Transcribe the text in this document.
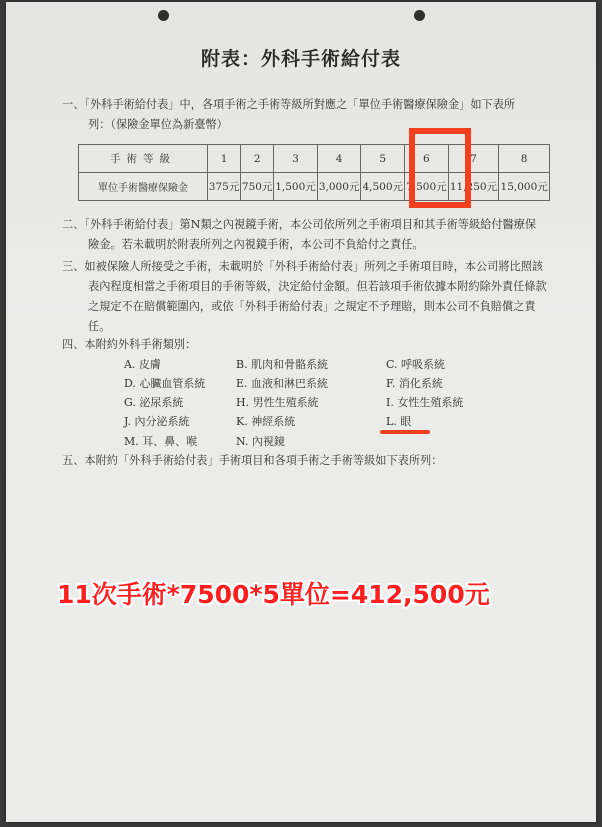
附表：外科手術給付表
一、「外科手術給付表」中，各項手術之手術等級所對應之「單位手術醫療保險金」如下表所
列：（保險金單位為新臺幣）
手術等級	1	2	3	4	5	6	7	8
單位手術醫療保險金	375元	750元	1,500元	3,000元	4,500元	7,500元	11,250元	15,000元
二、「外科手術給付表」第N類之內視鏡手術，本公司依所列之手術項目和其手術等級給付醫療保
險金。若未載明於附表所列之內視鏡手術，本公司不負給付之責任。
三、如被保險人所接受之手術，未載明於「外科手術給付表」所列之手術項目時，本公司將比照該
表內程度相當之手術項目的手術等級，決定給付金額。但若該項手術依據本附約除外責任條款
之規定不在賠償範圍內，或依「外科手術給付表」之規定不予理賠，則本公司不負賠償之責
任。
四、本附約外科手術類別：
A. 皮膚	B. 肌肉和骨骼系統	C. 呼吸系統
D. 心臟血管系統	E. 血液和淋巴系統	F. 消化系統
G. 泌尿系統	H. 男性生殖系統	I. 女性生殖系統
J. 內分泌系統	K. 神經系統	L. 眼
M. 耳、鼻、喉	N. 內視鏡
五、本附約「外科手術給付表」手術項目和各項手術之手術等級如下表所列：
11次手術*7500*5單位=412,500元
